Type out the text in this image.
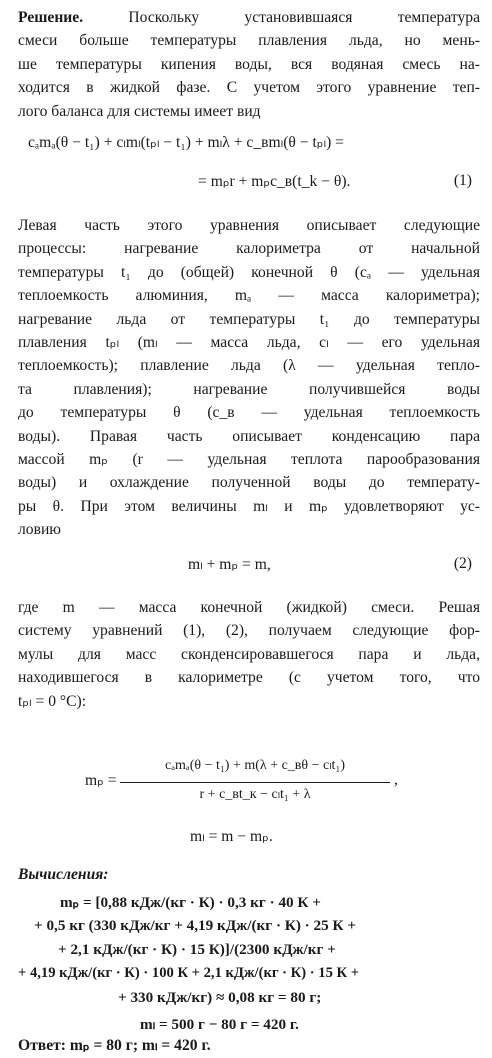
Решение.	Поскольку установившаяся температура
смеси больше температуры плавления льда, но мень-
ше температуры кипения воды, вся водяная смесь на-
ходится в жидкой фазе. С учетом этого уравнение теп-
лого баланса для системы имеет вид
cₐmₐ(θ − t₁) + cₗmₗ(tₚₗ − t₁) + mₗλ + c_вmₗ(θ − tₚₗ) =
= mₚr + mₚc_в(t_k − θ).	(1)
Левая часть этого уравнения описывает следующие
процессы: нагревание калориметра от начальной
температуры t₁ до (общей) конечной θ (cₐ — удельная
теплоемкость алюминия, mₐ — масса калориметра);
нагревание льда от температуры t₁ до температуры
плавления tₚₗ (mₗ — масса льда, cₗ — его удельная
теплоемкость); плавление льда (λ — удельная тепло-
та плавления); нагревание получившейся воды
до температуры θ (c_в — удельная теплоемкость
воды). Правая часть описывает конденсацию пара
массой mₚ (r — удельная теплота парообразования
воды) и охлаждение полученной воды до температу-
ры θ. При этом величины mₗ и mₚ удовлетворяют ус-
ловию
mₗ + mₚ = m,	(2)
где m — масса конечной (жидкой) смеси. Решая
систему уравнений (1), (2), получаем следующие фор-
мулы для масс сконденсировавшегося пара и льда,
находившегося в калориметре (с учетом того, что
tₚₗ = 0 °C):
mₚ =
cₐmₐ(θ − t₁) + m(λ + c_вθ − cₗt₁)
r + c_вt_к − cₗt₁ + λ
,
mₗ = m − mₚ.
Вычисления:
mₚ = [0,88 кДж/(кг · К) · 0,3 кг · 40 К +
+ 0,5 кг (330 кДж/кг + 4,19 кДж/(кг · К) · 25 К +
+ 2,1 кДж/(кг · К) · 15 К)]/(2300 кДж/кг +
+ 4,19 кДж/(кг · К) · 100 К + 2,1 кДж/(кг · К) · 15 К +
+ 330 кДж/кг) ≈ 0,08 кг = 80 г;
mₗ = 500 г − 80 г = 420 г.
Ответ: mₚ = 80 г; mₗ = 420 г.
